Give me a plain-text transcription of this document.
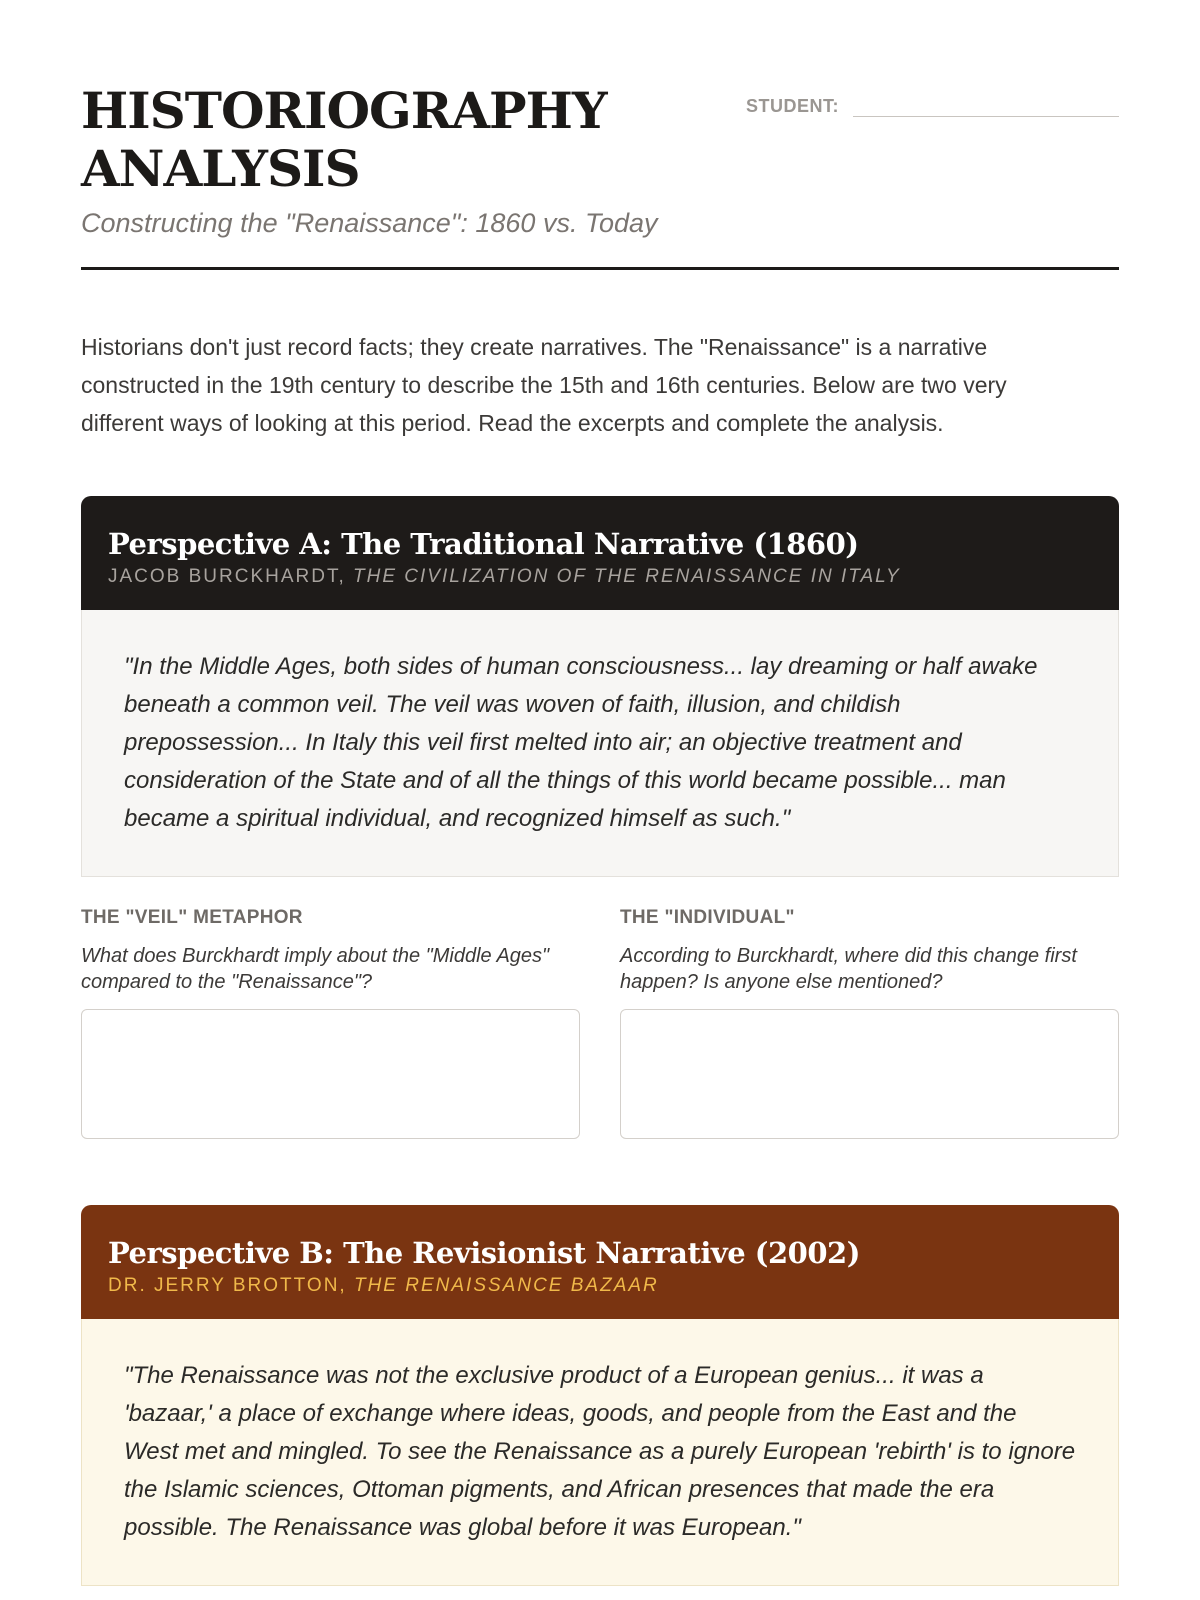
HISTORIOGRAPHY ANALYSIS
Constructing the "Renaissance": 1860 vs. Today
STUDENT:

Historians don't just record facts; they create narratives. The "Renaissance" is a narrative constructed in the 19th century to describe the 15th and 16th centuries. Below are two very different ways of looking at this period. Read the excerpts and complete the analysis.

Perspective A: The Traditional Narrative (1860)
JACOB BURCKHARDT, THE CIVILIZATION OF THE RENAISSANCE IN ITALY

"In the Middle Ages, both sides of human consciousness... lay dreaming or half awake beneath a common veil. The veil was woven of faith, illusion, and childish prepossession... In Italy this veil first melted into air; an objective treatment and consideration of the State and of all the things of this world became possible... man became a spiritual individual, and recognized himself as such."

THE "VEIL" METAPHOR
What does Burckhardt imply about the "Middle Ages" compared to the "Renaissance"?
THE "INDIVIDUAL"
According to Burckhardt, where did this change first happen? Is anyone else mentioned?
Perspective B: The Revisionist Narrative (2002)
DR. JERRY BROTTON, THE RENAISSANCE BAZAAR

"The Renaissance was not the exclusive product of a European genius... it was a 'bazaar,' a place of exchange where ideas, goods, and people from the East and the West met and mingled. To see the Renaissance as a purely European 'rebirth' is to ignore the Islamic sciences, Ottoman pigments, and African presences that made the era possible. The Renaissance was global before it was European."
